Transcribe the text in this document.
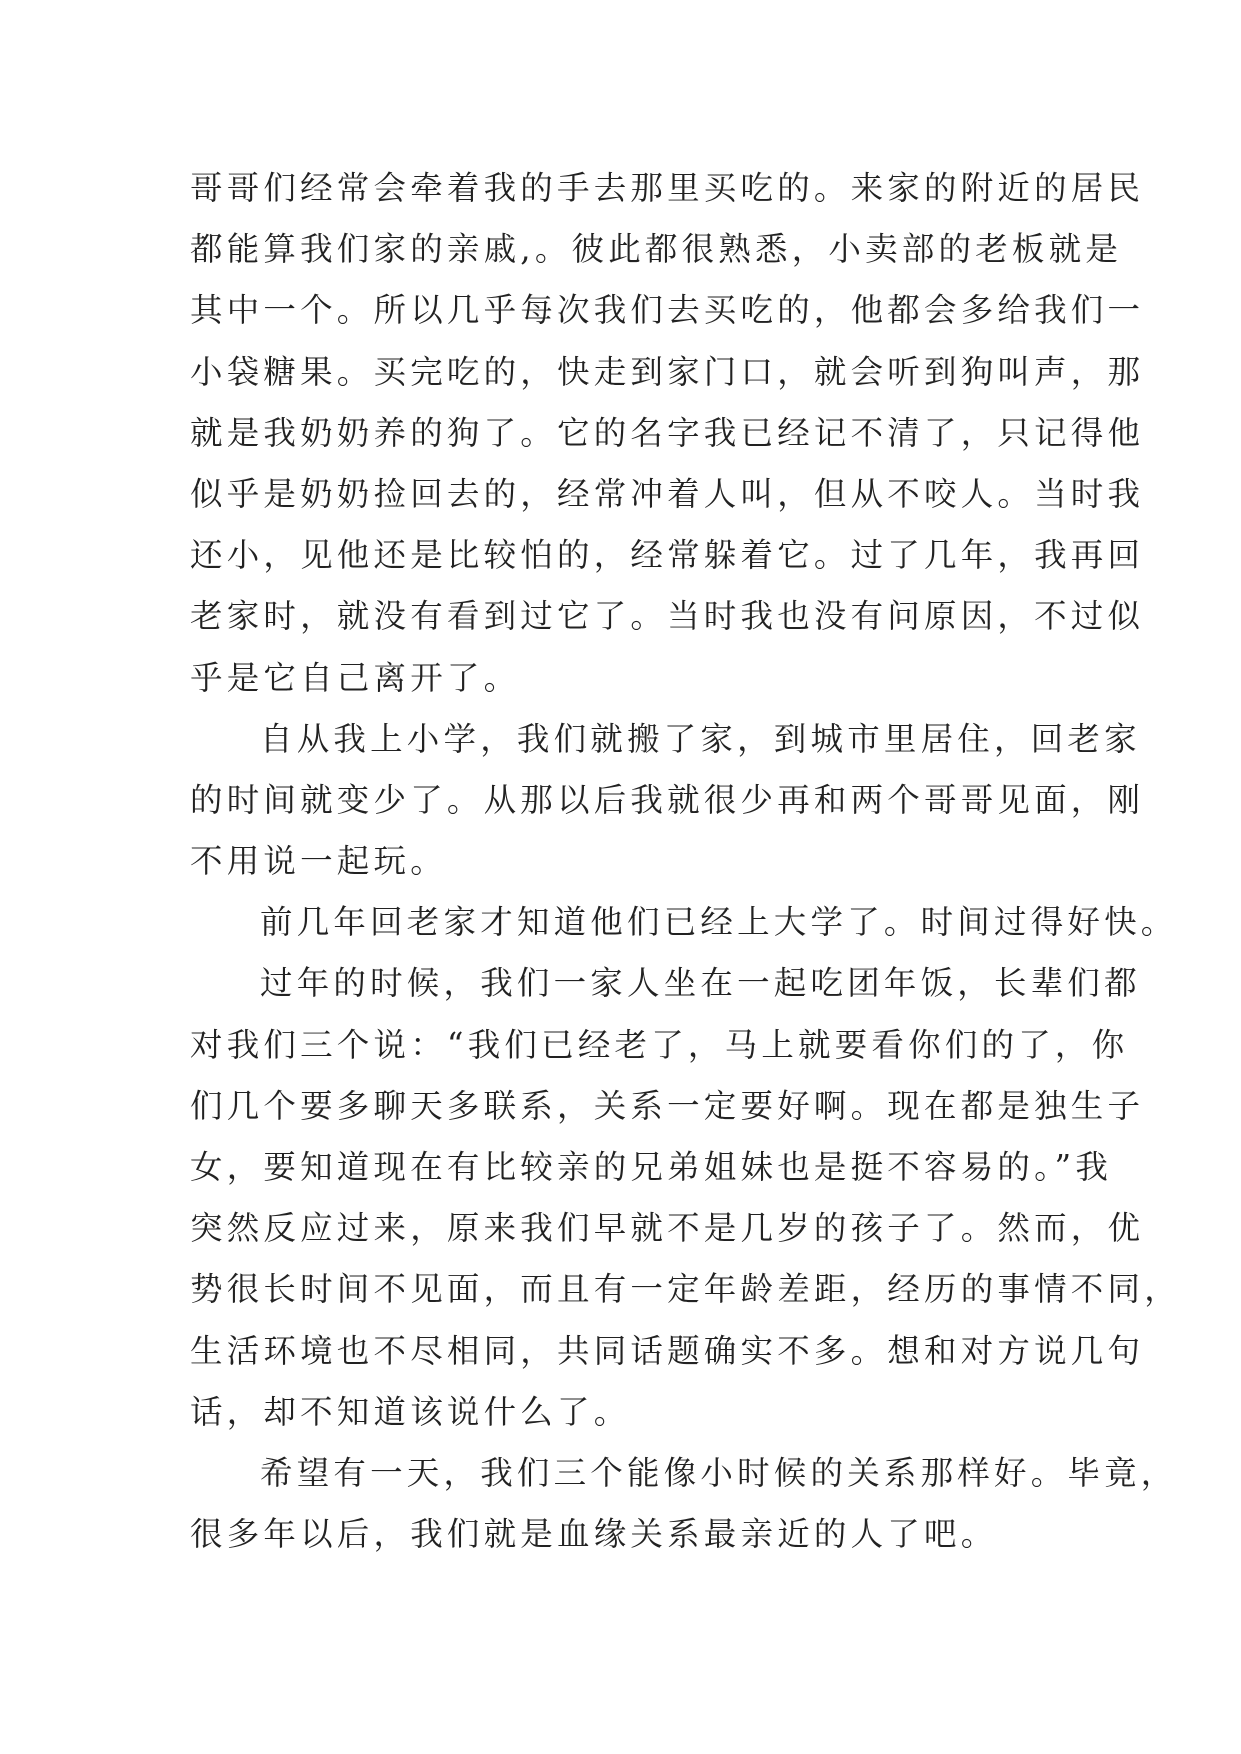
哥哥们经常会牵着我的手去那里买吃的。来家的附近的居民
都能算我们家的亲戚,。彼此都很熟悉，小卖部的老板就是
其中一个。所以几乎每次我们去买吃的，他都会多给我们一
小袋糖果。买完吃的，快走到家门口，就会听到狗叫声，那
就是我奶奶养的狗了。它的名字我已经记不清了，只记得他
似乎是奶奶捡回去的，经常冲着人叫，但从不咬人。当时我
还小，见他还是比较怕的，经常躲着它。过了几年，我再回
老家时，就没有看到过它了。当时我也没有问原因，不过似
乎是它自己离开了。
自从我上小学，我们就搬了家，到城市里居住，回老家
的时间就变少了。从那以后我就很少再和两个哥哥见面，刚
不用说一起玩。
前几年回老家才知道他们已经上大学了。时间过得好快。
过年的时候，我们一家人坐在一起吃团年饭，长辈们都
对我们三个说：“我们已经老了，马上就要看你们的了，你
们几个要多聊天多联系，关系一定要好啊。现在都是独生子
女，要知道现在有比较亲的兄弟姐妹也是挺不容易的。”我
突然反应过来，原来我们早就不是几岁的孩子了。然而，优
势很长时间不见面，而且有一定年龄差距，经历的事情不同，
生活环境也不尽相同，共同话题确实不多。想和对方说几句
话，却不知道该说什么了。
希望有一天，我们三个能像小时候的关系那样好。毕竟，
很多年以后，我们就是血缘关系最亲近的人了吧。
